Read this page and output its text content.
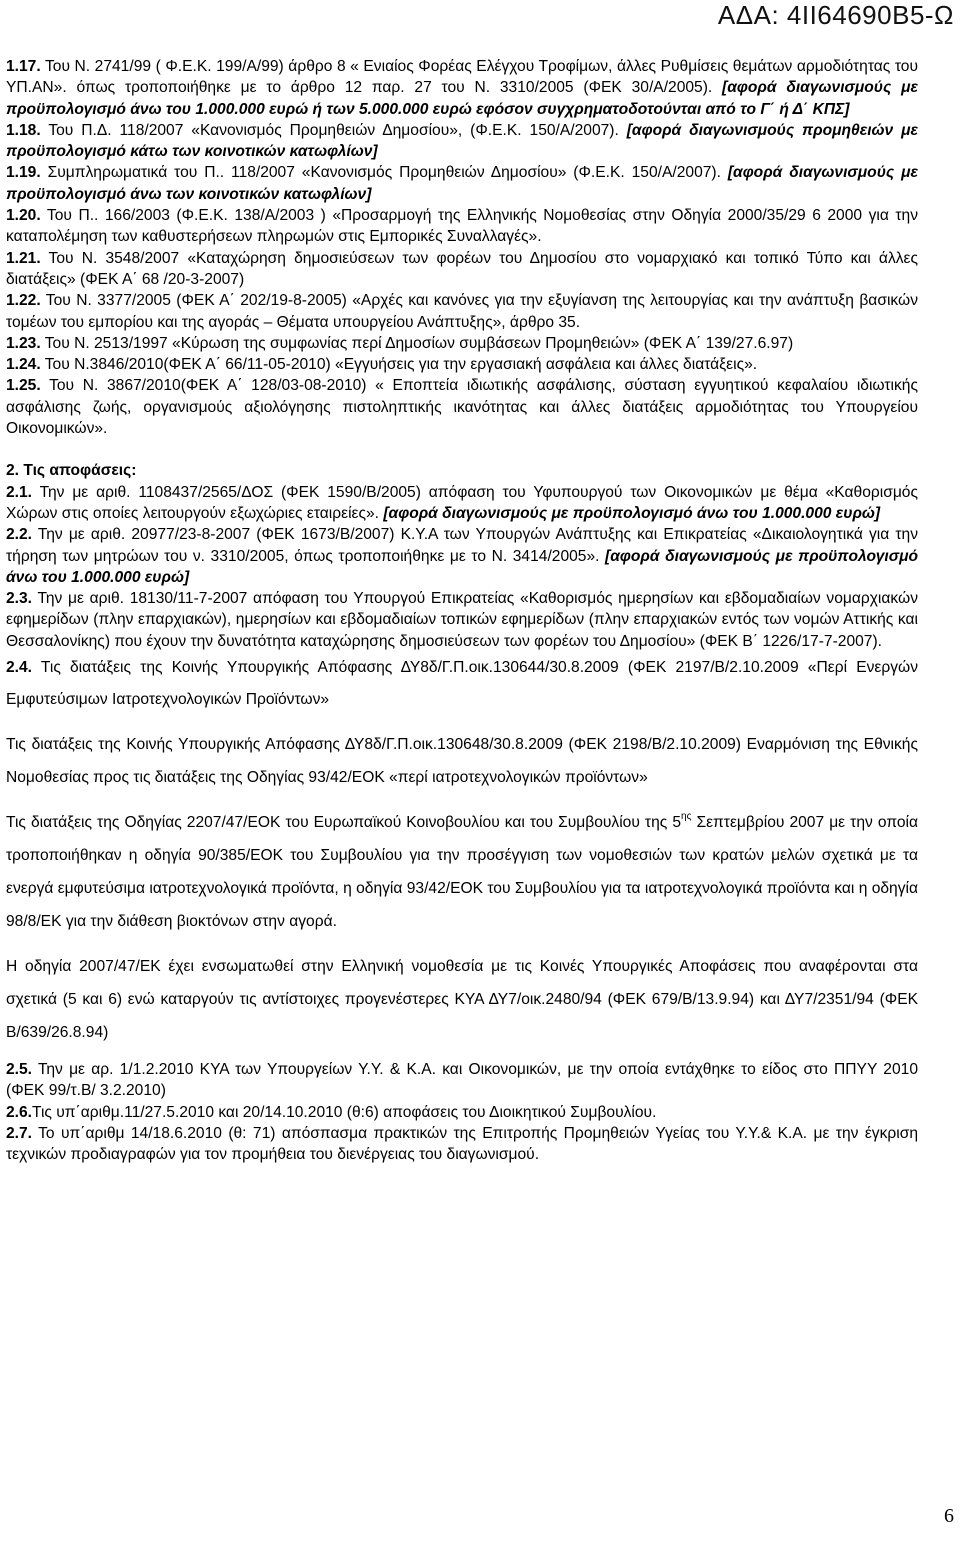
ΑΔΑ: 4ΙΙ64690Β5-Ω

1.17. Του Ν. 2741/99 ( Φ.Ε.Κ. 199/Α/99) άρθρο 8 « Ενιαίος Φορέας Ελέγχου Τροφίμων, άλλες Ρυθμίσεις θεμάτων αρμοδιότητας του ΥΠ.ΑΝ». όπως τροποποιήθηκε με το άρθρο 12 παρ. 27 του Ν. 3310/2005 (ΦΕΚ 30/Α/2005). [αφορά διαγωνισμούς με προϋπολογισμό άνω του 1.000.000 ευρώ ή των 5.000.000 ευρώ εφόσον συγχρηματοδοτούνται από το Γ΄ ή Δ΄ ΚΠΣ]

1.18. Του Π.Δ. 118/2007 «Κανονισμός Προμηθειών Δημοσίου», (Φ.Ε.Κ. 150/Α/2007). [αφορά διαγωνισμούς προμηθειών με προϋπολογισμό κάτω των κοινοτικών κατωφλίων]

1.19. Συμπληρωματικά του Π.. 118/2007 «Κανονισμός Προμηθειών Δημοσίου» (Φ.Ε.Κ. 150/Α/2007). [αφορά διαγωνισμούς με προϋπολογισμό άνω των κοινοτικών κατωφλίων]

1.20. Του Π.. 166/2003 (Φ.Ε.Κ. 138/Α/2003 ) «Προσαρμογή της Ελληνικής Νομοθεσίας στην Οδηγία 2000/35/29 6 2000 για την καταπολέμηση των καθυστερήσεων πληρωμών στις Εμπορικές Συναλλαγές».

1.21. Του Ν. 3548/2007 «Καταχώρηση δημοσιεύσεων των φορέων του Δημοσίου στο νομαρχιακό και τοπικό Τύπο και άλλες διατάξεις» (ΦΕΚ Α΄ 68 /20-3-2007)

1.22. Του Ν. 3377/2005 (ΦΕΚ Α΄ 202/19-8-2005) «Αρχές και κανόνες για την εξυγίανση της λειτουργίας και την ανάπτυξη βασικών τομέων του εμπορίου και της αγοράς – Θέματα υπουργείου Ανάπτυξης», άρθρο 35.

1.23. Του Ν. 2513/1997 «Κύρωση της συμφωνίας περί Δημοσίων συμβάσεων Προμηθειών» (ΦΕΚ Α΄ 139/27.6.97)

1.24. Του Ν.3846/2010(ΦΕΚ Α΄ 66/11-05-2010) «Εγγυήσεις για την εργασιακή ασφάλεια και άλλες διατάξεις».

1.25. Του Ν. 3867/2010(ΦΕΚ Α΄ 128/03-08-2010) « Εποπτεία ιδιωτικής ασφάλισης, σύσταση εγγυητικού κεφαλαίου ιδιωτικής ασφάλισης ζωής, οργανισμούς αξιολόγησης πιστοληπτικής ικανότητας και άλλες διατάξεις αρμοδιότητας του Υπουργείου Οικονομικών».

2. Τις αποφάσεις:

2.1. Την με αριθ. 1108437/2565/ΔΟΣ (ΦΕΚ 1590/Β/2005) απόφαση του Υφυπουργού των Οικονομικών με θέμα «Καθορισμός Χώρων στις οποίες λειτουργούν εξωχώριες εταιρείες». [αφορά διαγωνισμούς με προϋπολογισμό άνω του 1.000.000 ευρώ]

2.2. Την με αριθ. 20977/23-8-2007 (ΦΕΚ 1673/Β/2007) Κ.Υ.Α των Υπουργών Ανάπτυξης και Επικρατείας «Δικαιολογητικά για την τήρηση των μητρώων του ν. 3310/2005, όπως τροποποιήθηκε με το Ν. 3414/2005». [αφορά διαγωνισμούς με προϋπολογισμό άνω του 1.000.000 ευρώ]

2.3. Την με αριθ. 18130/11-7-2007 απόφαση του Υπουργού Επικρατείας «Καθορισμός ημερησίων και εβδομαδιαίων νομαρχιακών εφημερίδων (πλην επαρχιακών), ημερησίων και εβδομαδιαίων τοπικών εφημερίδων (πλην επαρχιακών εντός των νομών Αττικής και Θεσσαλονίκης) που έχουν την δυνατότητα καταχώρησης δημοσιεύσεων των φορέων του Δημοσίου» (ΦΕΚ Β΄ 1226/17-7-2007).

2.4. Τις διατάξεις της Κοινής Υπουργικής Απόφασης ΔΥ8δ/Γ.Π.οικ.130644/30.8.2009 (ΦΕΚ 2197/Β/2.10.2009 «Περί Ενεργών Εμφυτεύσιμων Ιατροτεχνολογικών Προϊόντων»

Τις διατάξεις της Κοινής Υπουργικής Απόφασης ΔΥ8δ/Γ.Π.οικ.130648/30.8.2009 (ΦΕΚ 2198/Β/2.10.2009) Εναρμόνιση της Εθνικής Νομοθεσίας προς τις διατάξεις της Οδηγίας 93/42/ΕΟΚ «περί ιατροτεχνολογικών προϊόντων»

Τις διατάξεις της Οδηγίας 2207/47/ΕΟΚ του Ευρωπαϊκού Κοινοβουλίου και του Συμβουλίου της $5^{\eta\varsigma}$ Σεπτεμβρίου 2007 με την οποία τροποποιήθηκαν η οδηγία 90/385/ΕΟΚ του Συμβουλίου για την προσέγγιση των νομοθεσιών των κρατών μελών σχετικά με τα ενεργά εμφυτεύσιμα ιατροτεχνολογικά προϊόντα, η οδηγία 93/42/ΕΟΚ του Συμβουλίου για τα ιατροτεχνολογικά προϊόντα και η οδηγία 98/8/ΕΚ για την διάθεση βιοκτόνων στην αγορά.

Η οδηγία 2007/47/ΕΚ έχει ενσωματωθεί στην Ελληνική νομοθεσία με τις Κοινές Υπουργικές Αποφάσεις που αναφέρονται στα σχετικά (5 και 6) ενώ καταργούν τις αντίστοιχες προγενέστερες ΚΥΑ ΔΥ7/οικ.2480/94 (ΦΕΚ 679/Β/13.9.94) και ΔΥ7/2351/94 (ΦΕΚ Β/639/26.8.94)

2.5. Την με αρ. 1/1.2.2010 ΚΥΑ των Υπουργείων Υ.Υ. & Κ.Α. και Οικονομικών, με την οποία εντάχθηκε το είδος στο ΠΠΥΥ 2010 (ΦΕΚ 99/τ.Β/ 3.2.2010)

2.6.Τις υπ΄αριθμ.11/27.5.2010 και 20/14.10.2010 (θ:6) αποφάσεις του Διοικητικού Συμβουλίου.

2.7. Το υπ΄αριθμ 14/18.6.2010 (θ: 71) απόσπασμα πρακτικών της Επιτροπής Προμηθειών Υγείας του Υ.Υ.& Κ.Α. με την έγκριση τεχνικών προδιαγραφών για τον προμήθεια του διενέργειας του διαγωνισμού.

6
